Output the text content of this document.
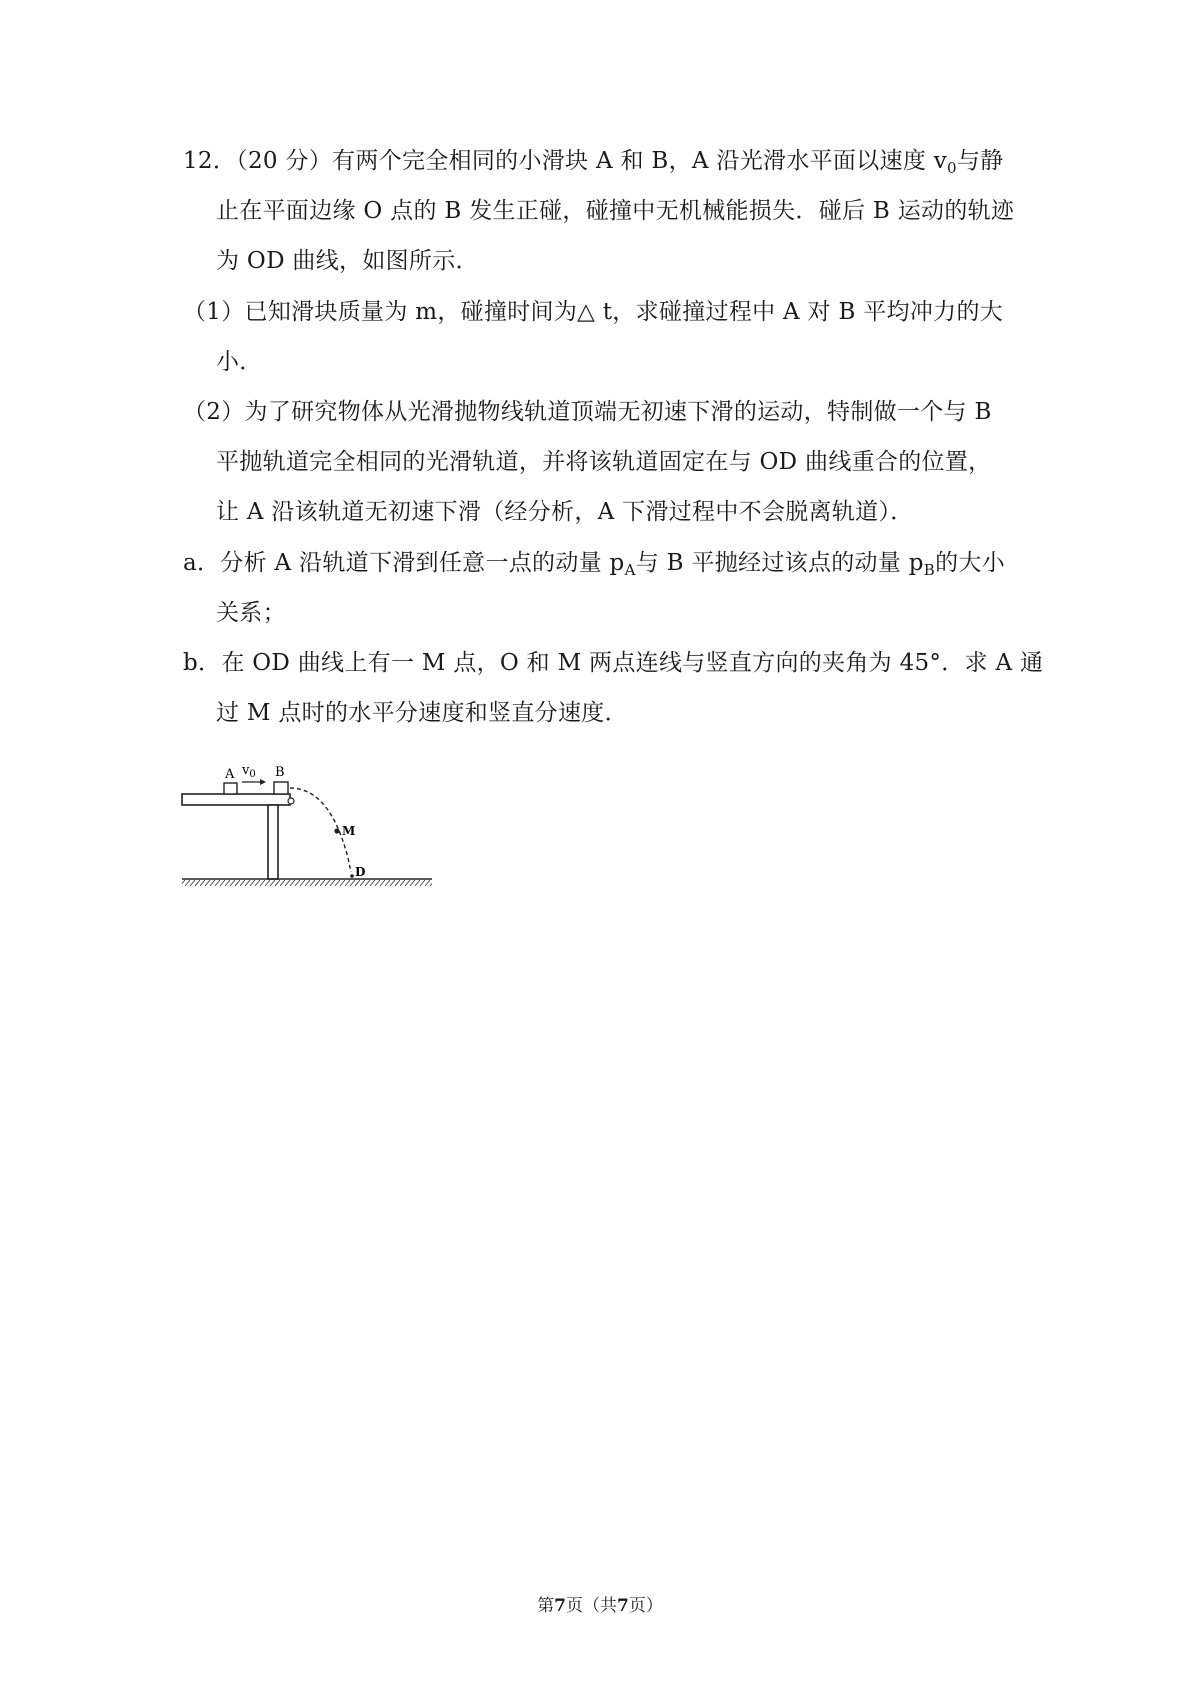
12．（20 分）有两个完全相同的小滑块 A 和 B，A 沿光滑水平面以速度 $v_0$与静
止在平面边缘 O 点的 B 发生正碰，碰撞中无机械能损失．碰后 B 运动的轨迹
为 OD 曲线，如图所示．
（1）已知滑块质量为 m，碰撞时间为△ t，求碰撞过程中 A 对 B 平均冲力的大
小．
（2）为了研究物体从光滑抛物线轨道顶端无初速下滑的运动，特制做一个与 B
平抛轨道完全相同的光滑轨道，并将该轨道固定在与 OD 曲线重合的位置，
让 A 沿该轨道无初速下滑（经分析，A 下滑过程中不会脱离轨道）．
a．分析 A 沿轨道下滑到任意一点的动量 $p_A$与 B 平抛经过该点的动量 $p_B$的大小
关系；
b．在 OD 曲线上有一 M 点，O 和 M 两点连线与竖直方向的夹角为 45°．求 A 通
过 M 点时的水平分速度和竖直分速度．
A $v_0$ B
M
D
第7页（共7页）
